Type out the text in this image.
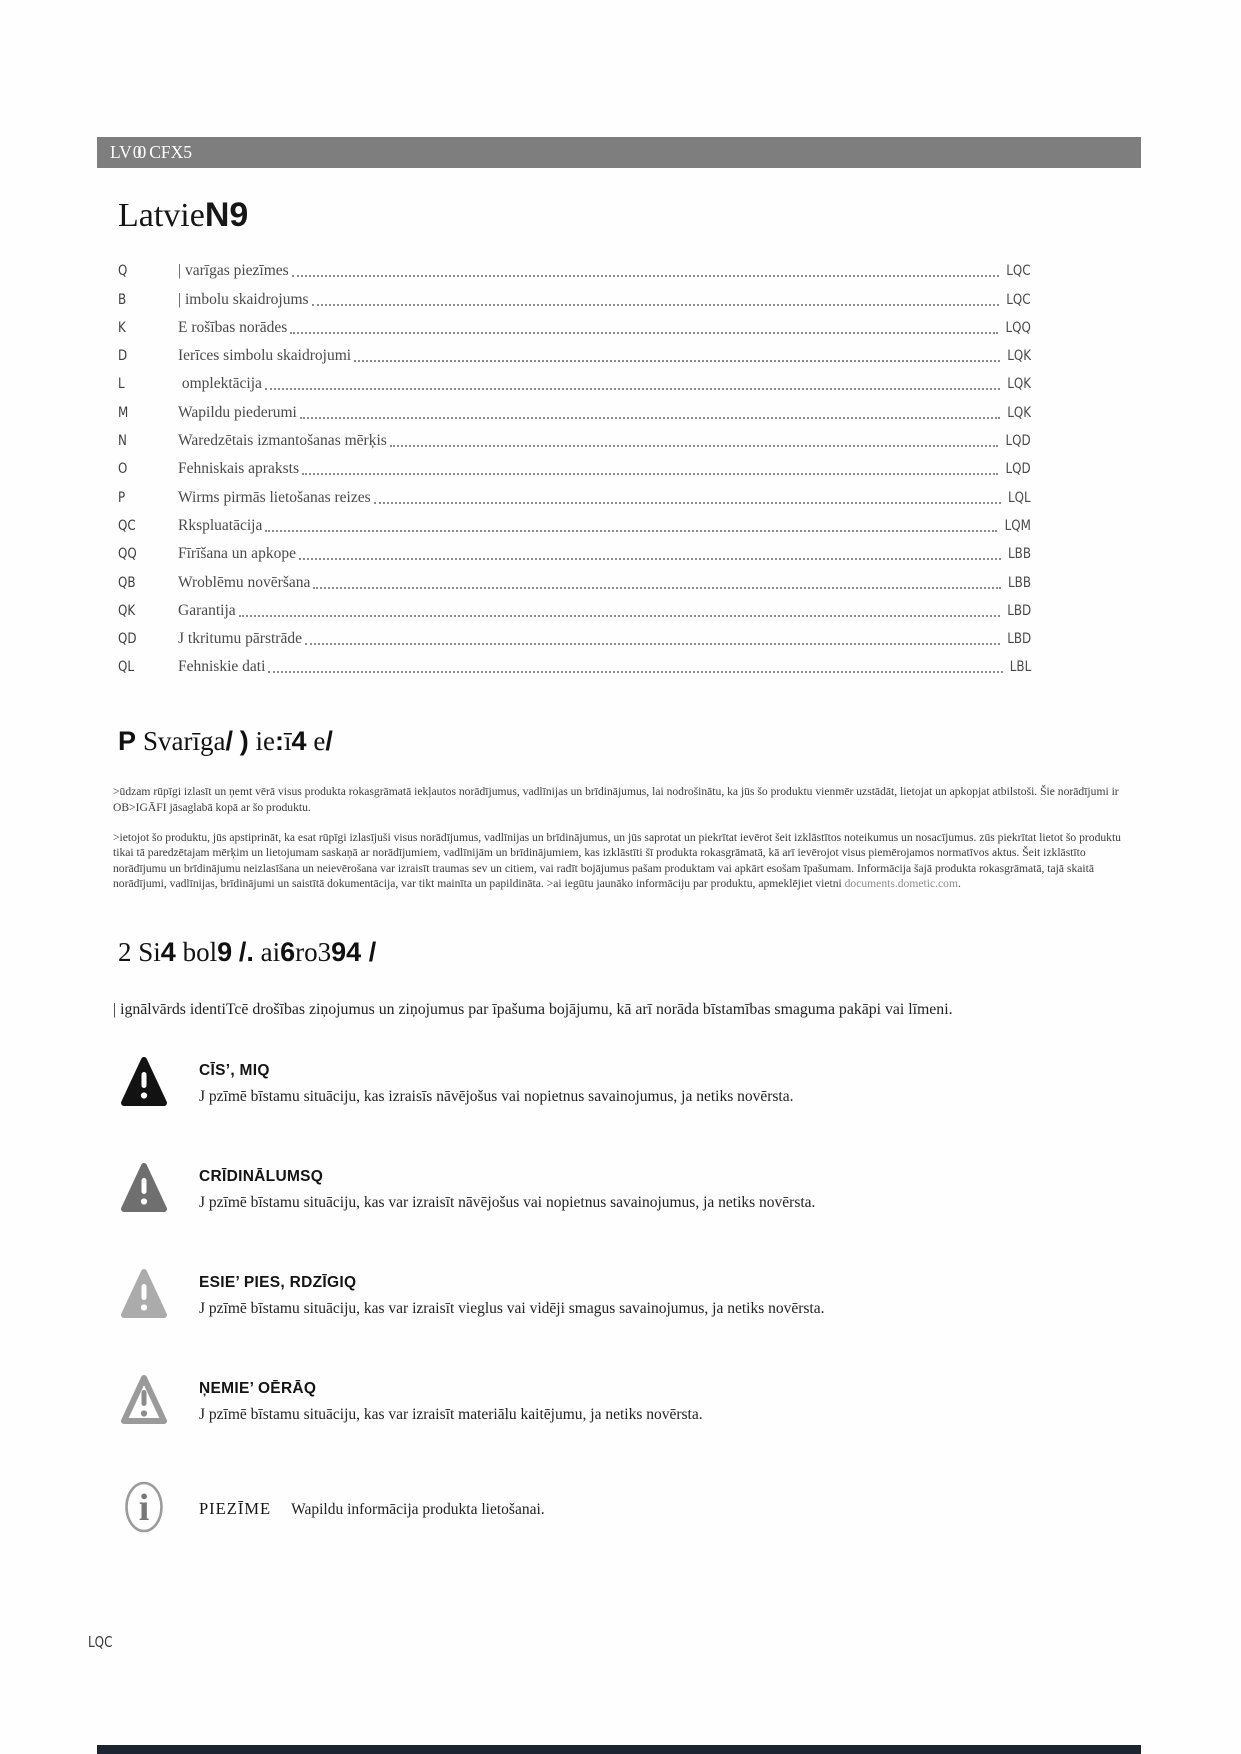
LV 00 CFX5
LatvieN9
Q	| varīgas piezīmes	LQC
B	| imbolu skaidrojums	LQC
K	E rošības norādes	LQQ
D	Ierīces simbolu skaidrojumi	LQK
L	omplektācija	LQK
M	Wapildu piederumi	LQK
N	Waredzētais izmantošanas mērķis	LQD
O	Fehniskais apraksts	LQD
P	Wirms pirmās lietošanas reizes	LQL
QC	Rkspluatācija	LQM
QQ	Fīrīšana un apkope	LBB
QB	Wroblēmu novēršana	LBB
QK	Garantija	LBD
QD	J tkritumu pārstrāde	LBD
QL	Fehniskie dati	LBL
P Svarīga/ ) ie:ī4 e/

>ūdzam rūpīgi izlasīt un ņemt vērā visus produkta rokasgrāmatā iekļautos norādījumus, vadlīnijas un brīdinājumus, lai nodrošinātu, ka jūs šo produktu vienmēr uzstādāt, lietojat un apkopjat atbilstoši. Šie norādījumi ir OB>IGĀFI jāsaglabā kopā ar šo produktu.

>ietojot šo produktu, jūs apstiprināt, ka esat rūpīgi izlasījuši visus norādījumus, vadlīnijas un brīdinājumus, un jūs saprotat un piekrītat ievērot šeit izklāstītos noteikumus un nosacījumus. zūs piekrītat lietot šo produktu tikai tā paredzētajam mērķim un lietojumam saskaņā ar norādījumiem, vadlīnijām un brīdinājumiem, kas izklāstīti šī produkta rokasgrāmatā, kā arī ievērojot visus piemērojamos normatīvos aktus. Šeit izklāstīto norādījumu un brīdinājumu neizlasīšana un neievērošana var izraisīt traumas sev un citiem, vai radīt bojājumus pašam produktam vai apkārt esošam īpašumam. Informācija šajā produkta rokasgrāmatā, tajā skaitā norādījumi, vadlīnijas, brīdinājumi un saistītā dokumentācija, var tikt mainīta un papildināta. >ai iegūtu jaunāko informāciju par produktu, apmeklējiet vietni documents.dometic.com.

2 Si4 bol9 /. ai6ro394 /

| ignālvārds identiTcē drošības ziņojumus un ziņojumus par īpašuma bojājumu, kā arī norāda bīstamības smaguma pakāpi vai līmeni.

CĪS’, MIQ
J pzīmē bīstamu situāciju, kas izraisīs nāvējošus vai nopietnus savainojumus, ja netiks novērsta.
CRĪDINĀLUMSQ
J pzīmē bīstamu situāciju, kas var izraisīt nāvējošus vai nopietnus savainojumus, ja netiks novērsta.
ESIE’ PIES, RDZĪGIQ
J pzīmē bīstamu situāciju, kas var izraisīt vieglus vai vidēji smagus savainojumus, ja netiks novērsta.
ŅEMIE’ OĒRĀQ
J pzīmē bīstamu situāciju, kas var izraisīt materiālu kaitējumu, ja netiks novērsta.
i	PIEZĪME Wapildu informācija produkta lietošanai.
LQC
